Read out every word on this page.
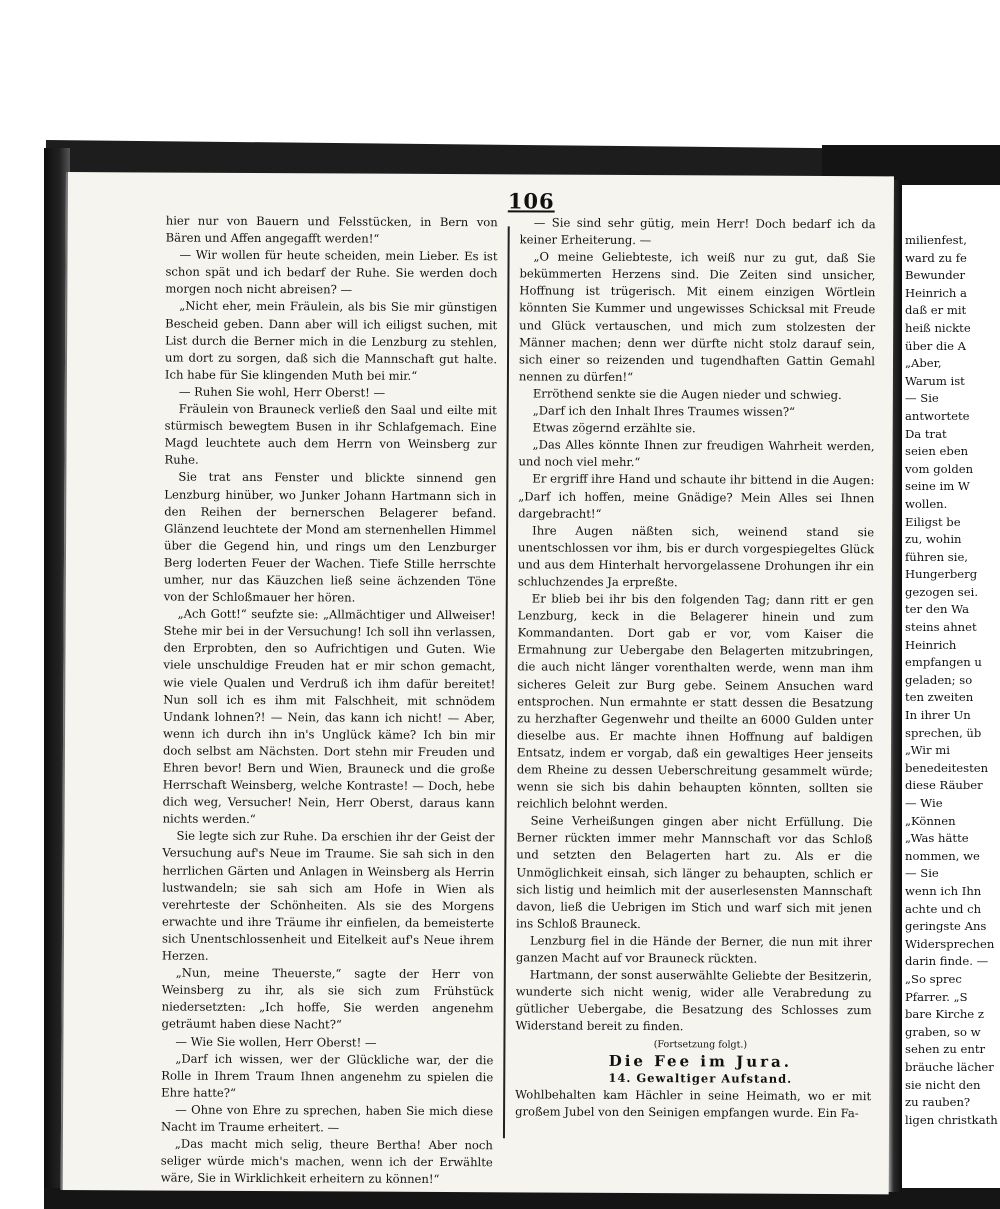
106

hier nur von Bauern und Felsstücken, in Bern von Bären und Affen angegafft werden!“

— Wir wollen für heute scheiden, mein Lieber. Es ist schon spät und ich bedarf der Ruhe. Sie werden doch morgen noch nicht abreisen? —

„Nicht eher, mein Fräulein, als bis Sie mir günstigen Bescheid geben. Dann aber will ich eiligst suchen, mit List durch die Berner mich in die Lenzburg zu stehlen, um dort zu sorgen, daß sich die Mannschaft gut halte. Ich habe für Sie klingenden Muth bei mir.“

— Ruhen Sie wohl, Herr Oberst! —

Fräulein von Brauneck verließ den Saal und eilte mit stürmisch bewegtem Busen in ihr Schlafgemach. Eine Magd leuchtete auch dem Herrn von Weinsberg zur Ruhe.

Sie trat ans Fenster und blickte sinnend gen Lenzburg hinüber, wo Junker Johann Hartmann sich in den Reihen der bernerschen Belagerer befand. Glänzend leuchtete der Mond am sternenhellen Himmel über die Gegend hin, und rings um den Lenzburger Berg loderten Feuer der Wachen. Tiefe Stille herrschte umher, nur das Käuzchen ließ seine ächzenden Töne von der Schloßmauer her hören.

„Ach Gott!“ seufzte sie: „Allmächtiger und Allweiser! Stehe mir bei in der Versuchung! Ich soll ihn verlassen, den Erprobten, den so Aufrichtigen und Guten. Wie viele unschuldige Freuden hat er mir schon gemacht, wie viele Qualen und Verdruß ich ihm dafür bereitet! Nun soll ich es ihm mit Falschheit, mit schnödem Undank lohnen?! — Nein, das kann ich nicht! — Aber, wenn ich durch ihn in's Unglück käme? Ich bin mir doch selbst am Nächsten. Dort stehn mir Freuden und Ehren bevor! Bern und Wien, Brauneck und die große Herrschaft Weinsberg, welche Kontraste! — Doch, hebe dich weg, Versucher! Nein, Herr Oberst, daraus kann nichts werden.“

Sie legte sich zur Ruhe. Da erschien ihr der Geist der Versuchung auf's Neue im Traume. Sie sah sich in den herrlichen Gärten und Anlagen in Weinsberg als Herrin lustwandeln; sie sah sich am Hofe in Wien als verehrteste der Schönheiten. Als sie des Morgens erwachte und ihre Träume ihr einfielen, da bemeisterte sich Unentschlossenheit und Eitelkeit auf's Neue ihrem Herzen.

„Nun, meine Theuerste,“ sagte der Herr von Weinsberg zu ihr, als sie sich zum Frühstück niedersetzten: „Ich hoffe, Sie werden angenehm geträumt haben diese Nacht?“

— Wie Sie wollen, Herr Oberst! —

„Darf ich wissen, wer der Glückliche war, der die Rolle in Ihrem Traum Ihnen angenehm zu spielen die Ehre hatte?“

— Ohne von Ehre zu sprechen, haben Sie mich diese Nacht im Traume erheitert. —

„Das macht mich selig, theure Bertha! Aber noch seliger würde mich's machen, wenn ich der Erwählte wäre, Sie in Wirklichkeit erheitern zu können!“

— Sie sind sehr gütig, mein Herr! Doch bedarf ich da keiner Erheiterung. —

„O meine Geliebteste, ich weiß nur zu gut, daß Sie bekümmerten Herzens sind. Die Zeiten sind unsicher, Hoffnung ist trügerisch. Mit einem einzigen Wörtlein könnten Sie Kummer und ungewisses Schicksal mit Freude und Glück vertauschen, und mich zum stolzesten der Männer machen; denn wer dürfte nicht stolz darauf sein, sich einer so reizenden und tugendhaften Gattin Gemahl nennen zu dürfen!“

Erröthend senkte sie die Augen nieder und schwieg.

„Darf ich den Inhalt Ihres Traumes wissen?“

Etwas zögernd erzählte sie.

„Das Alles könnte Ihnen zur freudigen Wahrheit werden, und noch viel mehr.“

Er ergriff ihre Hand und schaute ihr bittend in die Augen: „Darf ich hoffen, meine Gnädige? Mein Alles sei Ihnen dargebracht!“

Ihre Augen näßten sich, weinend stand sie unentschlossen vor ihm, bis er durch vorgespiegeltes Glück und aus dem Hinterhalt hervorgelassene Drohungen ihr ein schluchzendes Ja erpreßte.

Er blieb bei ihr bis den folgenden Tag; dann ritt er gen Lenzburg, keck in die Belagerer hinein und zum Kommandanten. Dort gab er vor, vom Kaiser die Ermahnung zur Uebergabe den Belagerten mitzubringen, die auch nicht länger vorenthalten werde, wenn man ihm sicheres Geleit zur Burg gebe. Seinem Ansuchen ward entsprochen. Nun ermahnte er statt dessen die Besatzung zu herzhafter Gegenwehr und theilte an 6000 Gulden unter dieselbe aus. Er machte ihnen Hoffnung auf baldigen Entsatz, indem er vorgab, daß ein gewaltiges Heer jenseits dem Rheine zu dessen Ueberschreitung gesammelt würde; wenn sie sich bis dahin behaupten könnten, sollten sie reichlich belohnt werden.

Seine Verheißungen gingen aber nicht Erfüllung. Die Berner rückten immer mehr Mannschaft vor das Schloß und setzten den Belagerten hart zu. Als er die Unmöglichkeit einsah, sich länger zu behaupten, schlich er sich listig und heimlich mit der auserlesensten Mannschaft davon, ließ die Uebrigen im Stich und warf sich mit jenen ins Schloß Brauneck.

Lenzburg fiel in die Hände der Berner, die nun mit ihrer ganzen Macht auf vor Brauneck rückten.

Hartmann, der sonst auserwählte Geliebte der Besitzerin, wunderte sich nicht wenig, wider alle Verabredung zu gütlicher Uebergabe, die Besatzung des Schlosses zum Widerstand bereit zu finden.

(Fortsetzung folgt.)

Die Fee im Jura.

14. Gewaltiger Aufstand.

Wohlbehalten kam Hächler in seine Heimath, wo er mit großem Jubel von den Seinigen empfangen wurde. Ein Fa-

milienfest,
ward zu fe
Bewunder
Heinrich a
daß er mit
heiß nickte
über die A
„Aber,
Warum ist
— Sie
antwortete
Da trat
seien eben
vom golden
seine im W
wollen.
Eiligst be
zu, wohin
führen sie,
Hungerberg
gezogen sei.
ter den Wa
steins ahnet
Heinrich
empfangen u
geladen; so
ten zweiten
In ihrer Un
sprechen, üb
„Wir mi
benedeitesten
diese Räuber
— Wie
„Können
„Was hätte
nommen, we
— Sie
wenn ich Ihn
achte und ch
geringste Ans
Widersprechen
darin finde. —
„So sprec
Pfarrer. „S
bare Kirche z
graben, so w
sehen zu entr
bräuche lächer
sie nicht den
zu rauben?
ligen christkath
